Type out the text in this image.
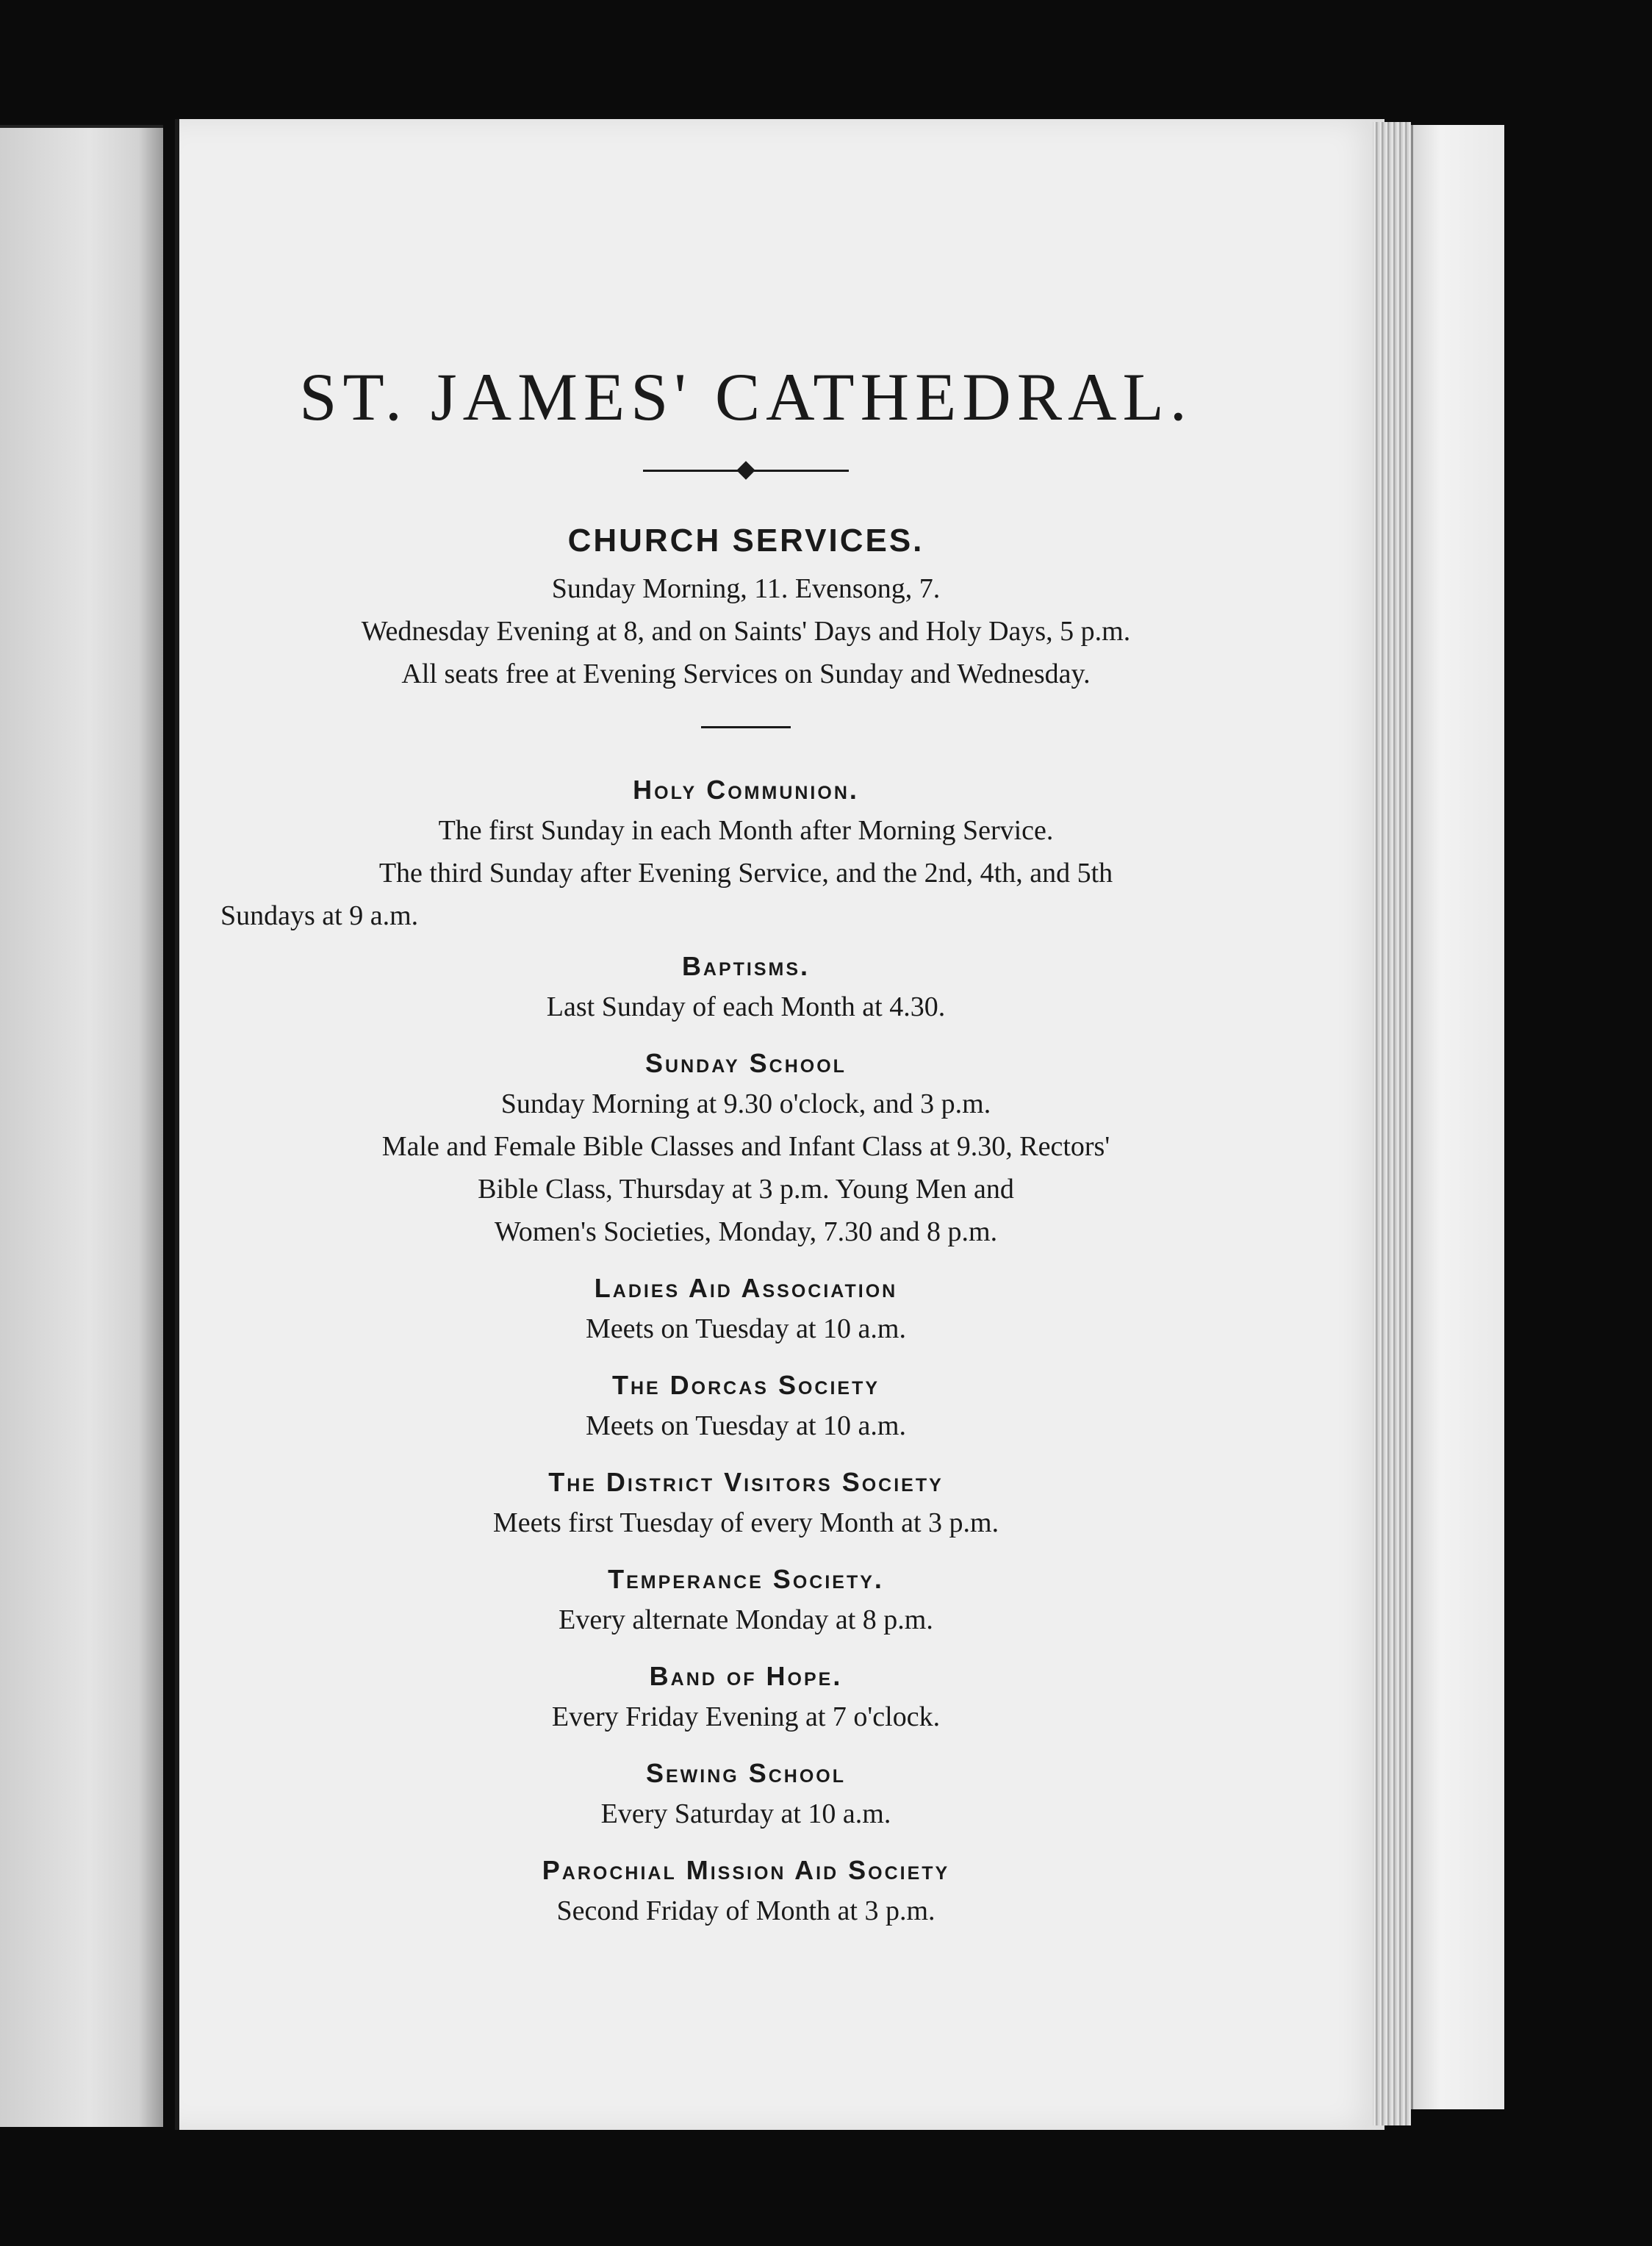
ST. JAMES' CATHEDRAL.
CHURCH SERVICES.

Sunday Morning, 11. Evensong, 7.

Wednesday Evening at 8, and on Saints' Days and Holy Days, 5 p.m.

All seats free at Evening Services on Sunday and Wednesday.

Holy Communion.

The first Sunday in each Month after Morning Service.

The third Sunday after Evening Service, and the 2nd, 4th, and 5th

Sundays at 9 a.m.

Baptisms.

Last Sunday of each Month at 4.30.

Sunday School

Sunday Morning at 9.30 o'clock, and 3 p.m.

Male and Female Bible Classes and Infant Class at 9.30, Rectors'

Bible Class, Thursday at 3 p.m. Young Men and

Women's Societies, Monday, 7.30 and 8 p.m.

Ladies Aid Association

Meets on Tuesday at 10 a.m.

The Dorcas Society

Meets on Tuesday at 10 a.m.

The District Visitors Society

Meets first Tuesday of every Month at 3 p.m.

Temperance Society.

Every alternate Monday at 8 p.m.

Band of Hope.

Every Friday Evening at 7 o'clock.

Sewing School

Every Saturday at 10 a.m.

Parochial Mission Aid Society

Second Friday of Month at 3 p.m.
